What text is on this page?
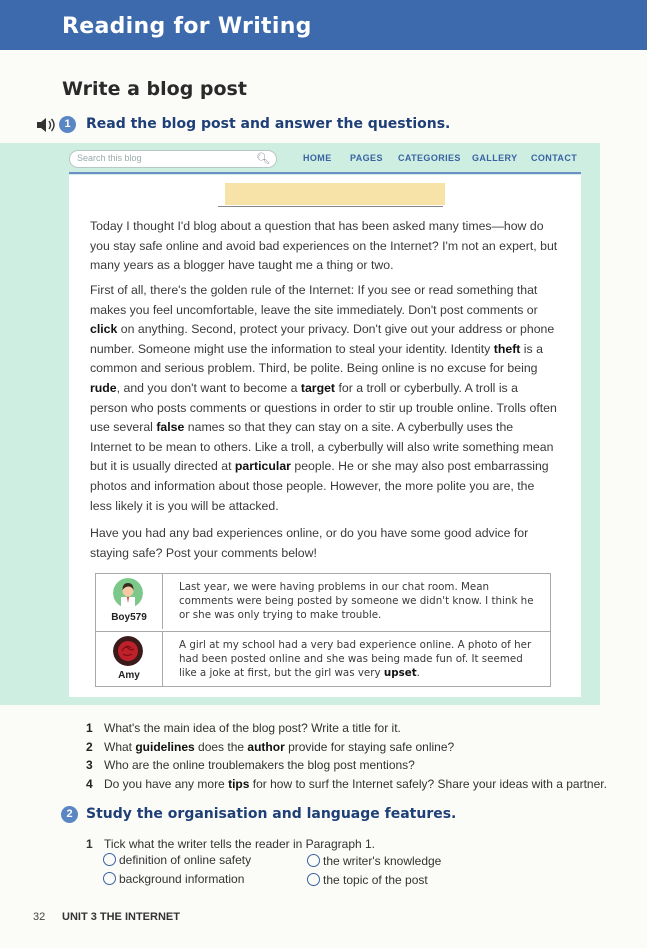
Reading for Writing
Write a blog post
1	Read the blog post and answer the questions.
Search this blog	🔍︎	HOME PAGES CATEGORIES GALLERY CONTACT
Today I thought I'd blog about a question that has been asked many times—how do you stay safe online and avoid bad experiences on the Internet? I'm not an expert, but many years as a blogger have taught me a thing or two.
First of all, there's the golden rule of the Internet: If you see or read something that makes you feel uncomfortable, leave the site immediately. Don't post comments or click on anything. Second, protect your privacy. Don't give out your address or phone number. Someone might use the information to steal your identity. Identity theft is a common and serious problem. Third, be polite. Being online is no excuse for being rude, and you don't want to become a target for a troll or cyberbully. A troll is a person who posts comments or questions in order to stir up trouble online. Trolls often use several false names so that they can stay on a site. A cyberbully uses the Internet to be mean to others. Like a troll, a cyberbully will also write something mean but it is usually directed at particular people. He or she may also post embarrassing photos and information about those people. However, the more polite you are, the less likely it is you will be attacked.
Have you had any bad experiences online, or do you have some good advice for staying safe? Post your comments below!
Boy579
Last year, we were having problems in our chat room. Mean comments were being posted by someone we didn't know. I think he or she was only trying to make trouble.
Amy
A girl at my school had a very bad experience online. A photo of her had been posted online and she was being made fun of. It seemed like a joke at first, but the girl was very upset.
1 What's the main idea of the blog post? Write a title for it.
2 What guidelines does the author provide for staying safe online?
3 Who are the online troublemakers the blog post mentions?
4 Do you have any more tips for how to surf the Internet safely? Share your ideas with a partner.
2 Study the organisation and language features.
1 Tick what the writer tells the reader in Paragraph 1.
definition of online safety	the writer's knowledge
background information	the topic of the post
32 UNIT 3 THE INTERNET
